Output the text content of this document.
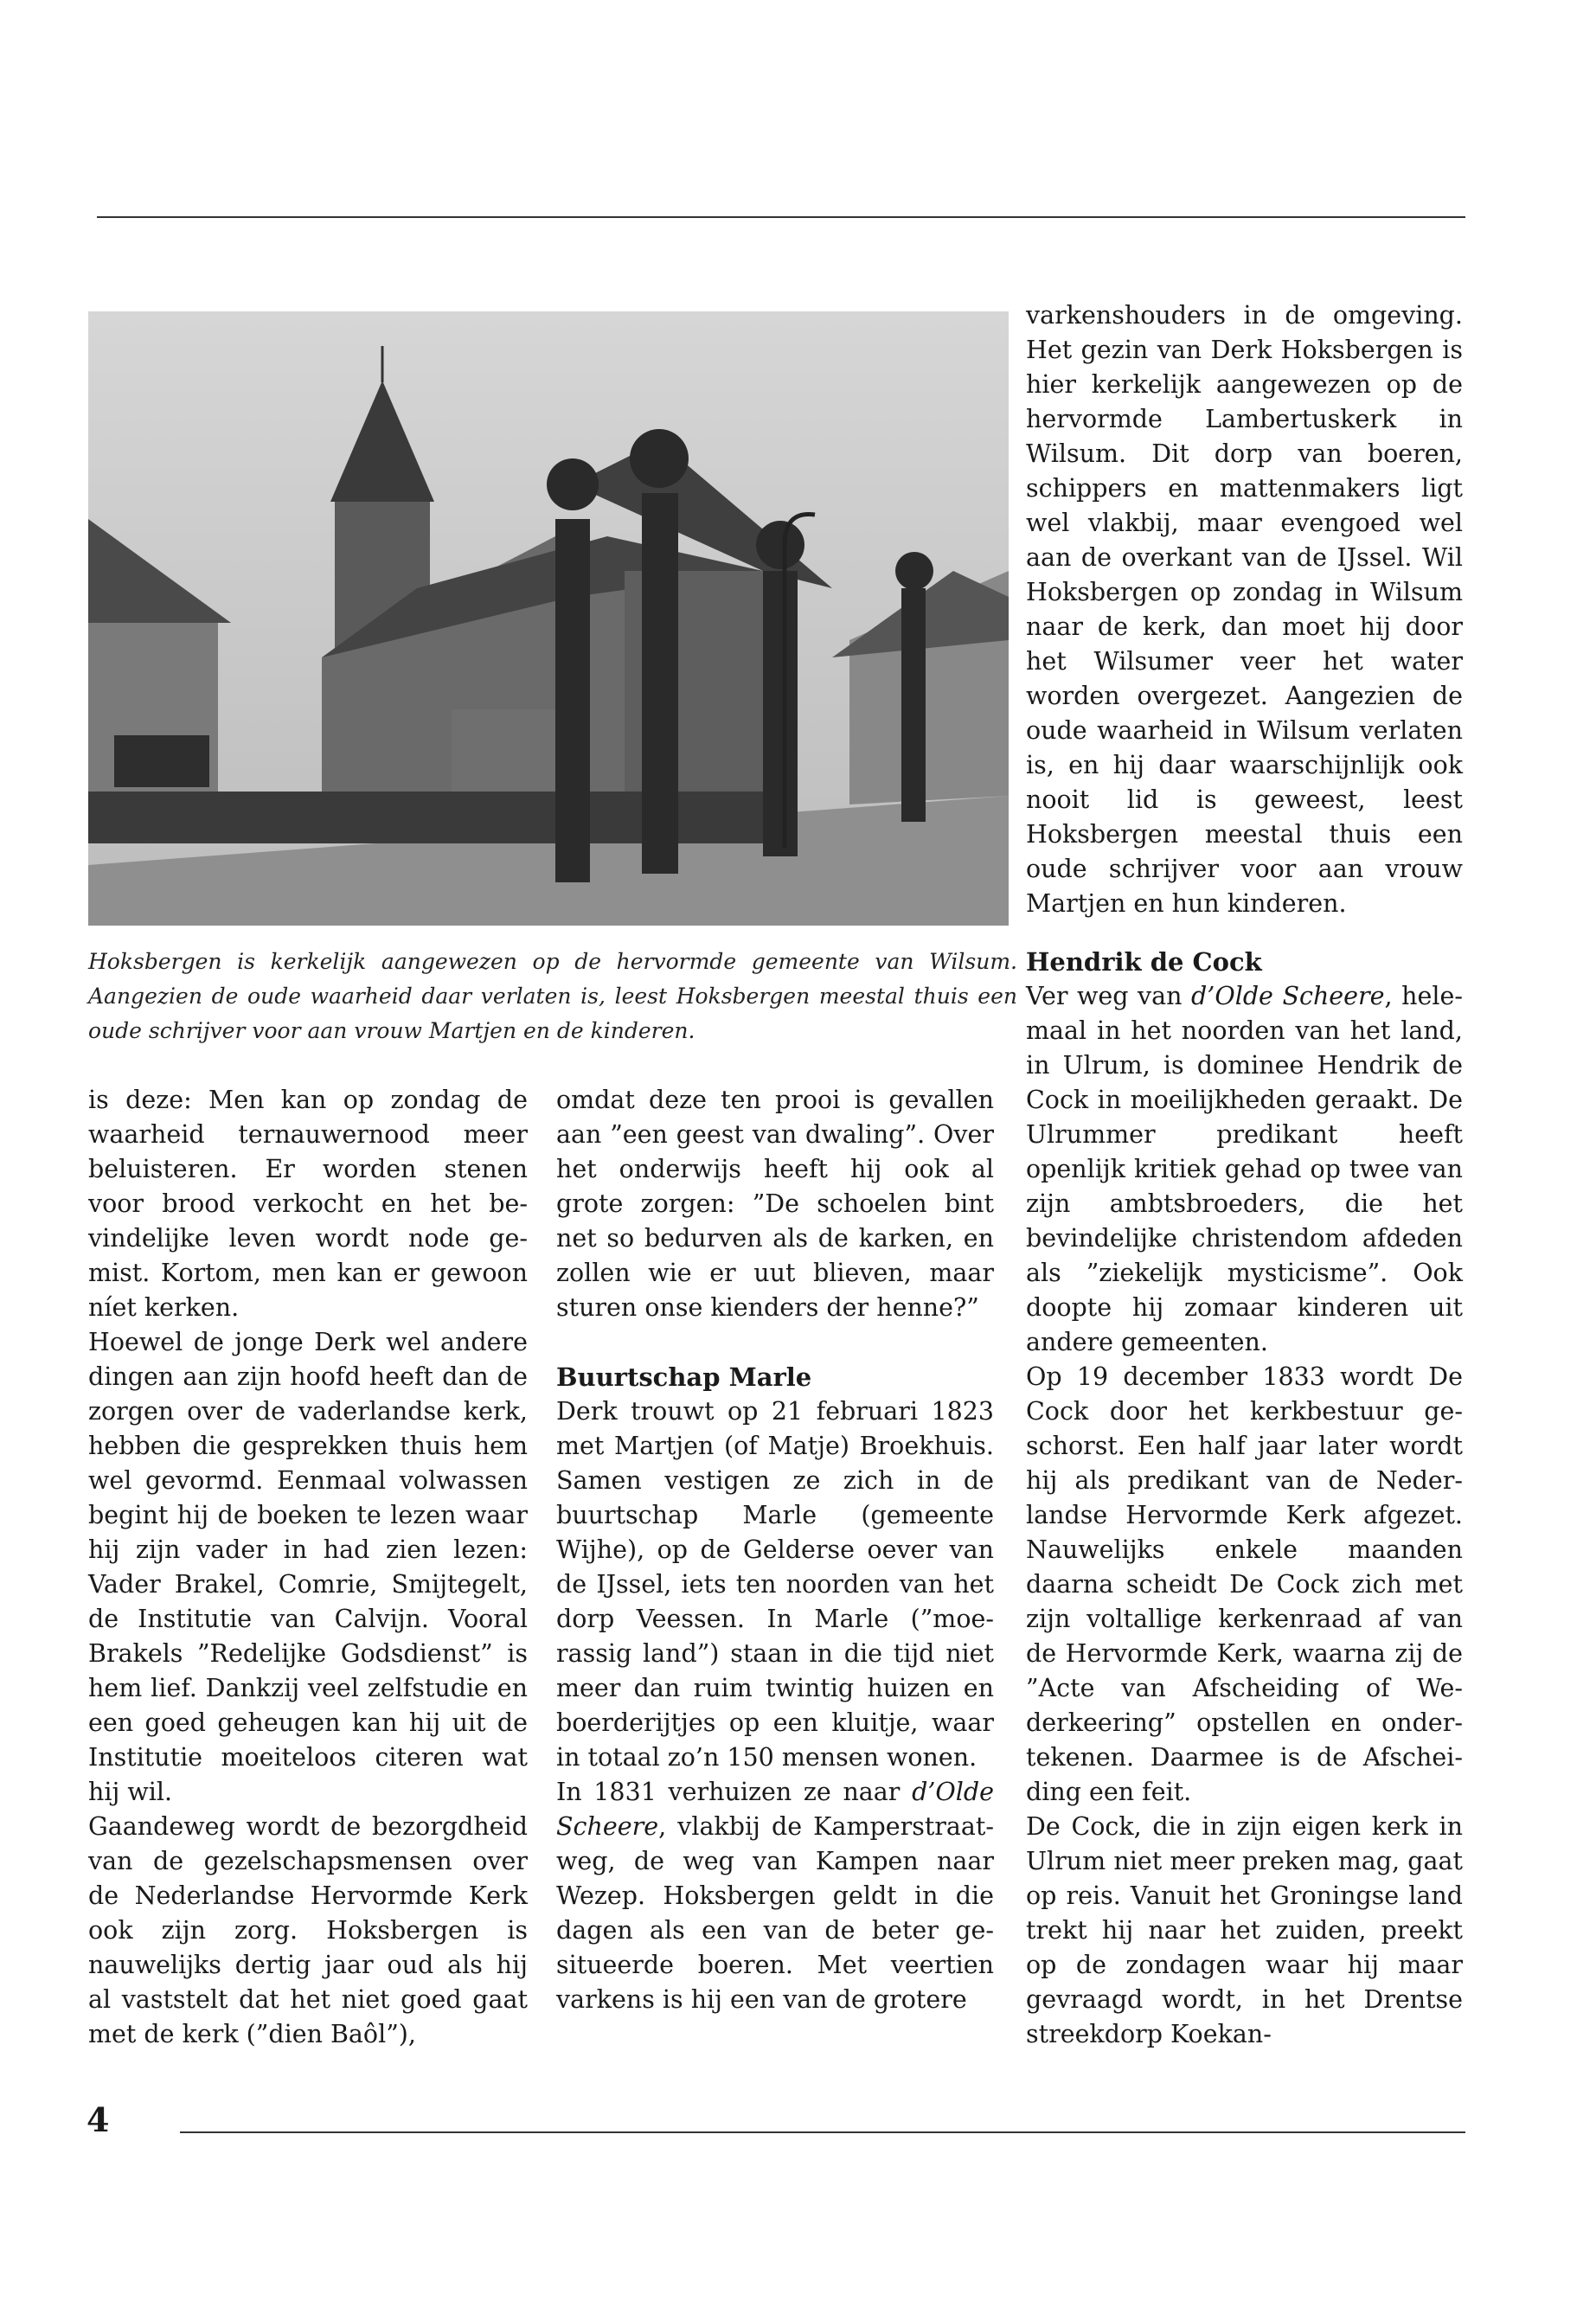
Hoksbergen is kerkelijk aangewezen op de hervormde gemeente van Wilsum. Aangezien de oude waarheid daar verlaten is, leest Hoksbergen meestal thuis een oude schrijver voor aan vrouw Martjen en de kinderen.

varkenshouders in de omgeving. Het gezin van Derk Hoksbergen is hier kerkelijk aangewezen op de hervormde Lambertuskerk in Wilsum. Dit dorp van boeren, schippers en mattenmakers ligt wel vlakbij, maar evengoed wel aan de overkant van de IJssel. Wil Hoksbergen op zondag in Wilsum naar de kerk, dan moet hij door het Wilsumer veer het water worden overgezet. Aangezien de oude waarheid in Wilsum verlaten is, en hij daar waarschijnlijk ook nooit lid is geweest, leest Hoksbergen meestal thuis een oude schrijver voor aan vrouw Martjen en hun kinderen.

Hendrik de Cock

Ver weg van d’Olde Scheere, helemaal in het noorden van het land, in Ulrum, is dominee Hendrik de Cock in moeilijkheden geraakt. De Ulrummer predikant heeft openlijk kritiek gehad op twee van zijn ambtsbroeders, die het bevindelijke christendom afdeden als ”ziekelijk mysticisme”. Ook doopte hij zomaar kinderen uit andere gemeenten.

Op 19 december 1833 wordt De Cock door het kerkbestuur geschorst. Een half jaar later wordt hij als predikant van de Nederlandse Hervormde Kerk afgezet. Nauwelijks enkele maanden daarna scheidt De Cock zich met zijn voltallige kerkenraad af van de Hervormde Kerk, waarna zij de ”Acte van Afscheiding of Wederkeering” opstellen en ondertekenen. Daarmee is de Afscheiding een feit.

De Cock, die in zijn eigen kerk in Ulrum niet meer preken mag, gaat op reis. Vanuit het Groningse land trekt hij naar het zuiden, preekt op de zondagen waar hij maar gevraagd wordt, in het Drentse streekdorp Koekan-

is deze: Men kan op zondag de waarheid ternauwernood meer beluisteren. Er worden stenen voor brood verkocht en het bevindelijke leven wordt node gemist. Kortom, men kan er gewoon níet kerken.

Hoewel de jonge Derk wel andere dingen aan zijn hoofd heeft dan de zorgen over de vaderlandse kerk, hebben die gesprekken thuis hem wel gevormd. Eenmaal volwassen begint hij de boeken te lezen waar hij zijn vader in had zien lezen: Vader Brakel, Comrie, Smijtegelt, de Institutie van Calvijn. Vooral Brakels ”Redelijke Godsdienst” is hem lief. Dankzij veel zelfstudie en een goed geheugen kan hij uit de Institutie moeiteloos citeren wat hij wil.

Gaandeweg wordt de bezorgdheid van de gezelschapsmensen over de Nederlandse Hervormde Kerk ook zijn zorg. Hoksbergen is nauwelijks dertig jaar oud als hij al vaststelt dat het niet goed gaat met de kerk (”dien Baôl”),

omdat deze ten prooi is gevallen aan ”een geest van dwaling”. Over het onderwijs heeft hij ook al grote zorgen: ”De schoelen bint net so bedurven als de karken, en zollen wie er uut blieven, maar sturen onse kienders der henne?”

Buurtschap Marle

Derk trouwt op 21 februari 1823 met Martjen (of Matje) Broekhuis. Samen vestigen ze zich in de buurtschap Marle (gemeente Wijhe), op de Gelderse oever van de IJssel, iets ten noorden van het dorp Veessen. In Marle (”moerassig land”) staan in die tijd niet meer dan ruim twintig huizen en boerderijtjes op een kluitje, waar in totaal zo’n 150 mensen wonen.

In 1831 verhuizen ze naar d’Olde Scheere, vlakbij de Kamperstraatweg, de weg van Kampen naar Wezep. Hoksbergen geldt in die dagen als een van de beter gesitueerde boeren. Met veertien varkens is hij een van de grotere

4
